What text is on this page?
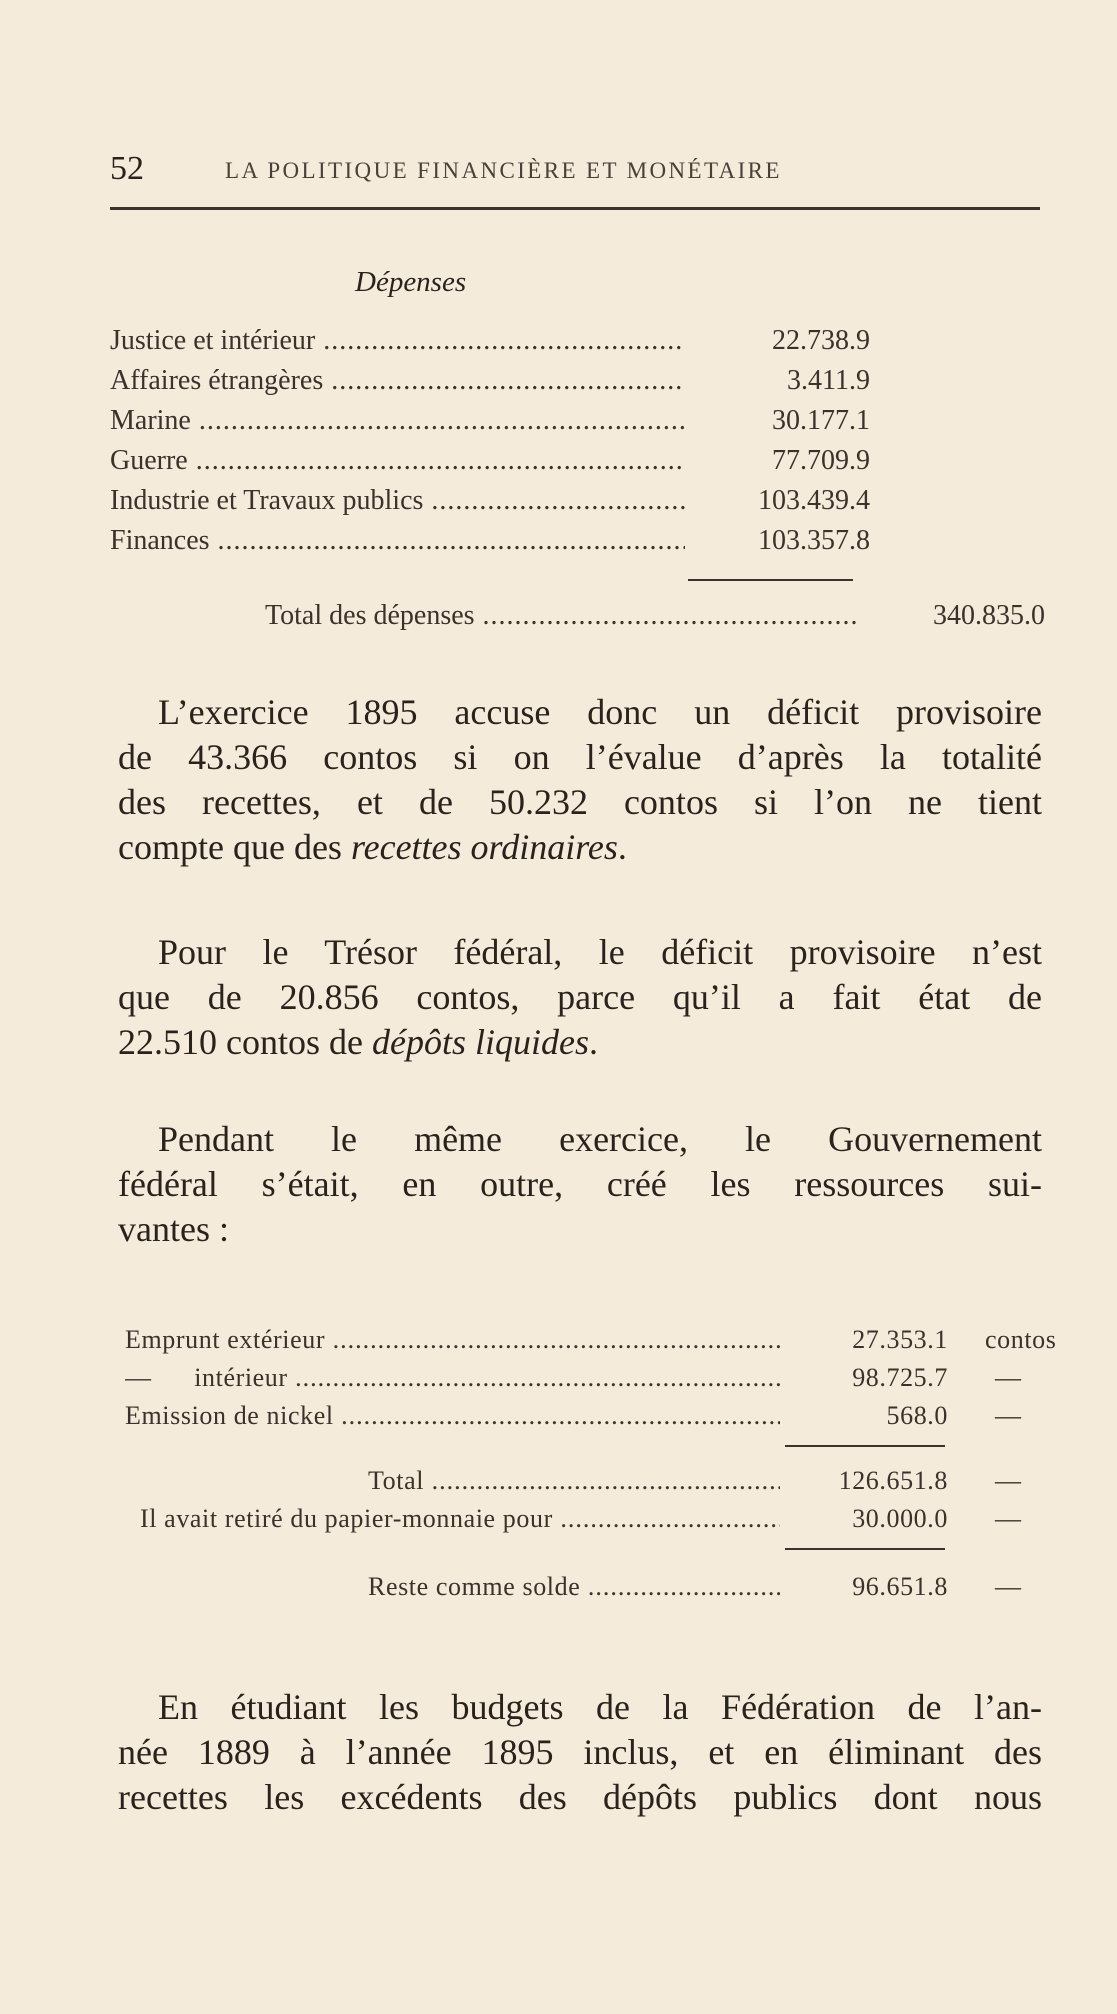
52	LA POLITIQUE FINANCIÈRE ET MONÉTAIRE
Dépenses
Justice et intérieur .....	22.738.9
Affaires étrangères .....	3.411.9
Marine .....	30.177.1
Guerre .....	77.709.9
Industrie et Travaux publics .....	103.439.4
Finances .....	103.357.8
Total des dépenses .....	340.835.0

L’exercice 1895 accuse donc un déficit provisoire
de 43.366 contos si on l’évalue d’après la totalité
des recettes, et de 50.232 contos si l’on ne tient
compte que des recettes ordinaires.

Pour le Trésor fédéral, le déficit provisoire n’est
que de 20.856 contos, parce qu’il a fait état de
22.510 contos de dépôts liquides.

Pendant le même exercice, le Gouvernement
fédéral s’était, en outre, créé les ressources sui-
vantes :

Emprunt extérieur .....	27.353.1 contos
—      intérieur .....	98.725.7 —
Emission de nickel .....	568.0 —
Total .....	126.651.8 —
Il avait retiré du papier-monnaie pour .....	30.000.0 —
Reste comme solde .....	96.651.8 —

En étudiant les budgets de la Fédération de l’an-
née 1889 à l’année 1895 inclus, et en éliminant des
recettes les excédents des dépôts publics dont nous
